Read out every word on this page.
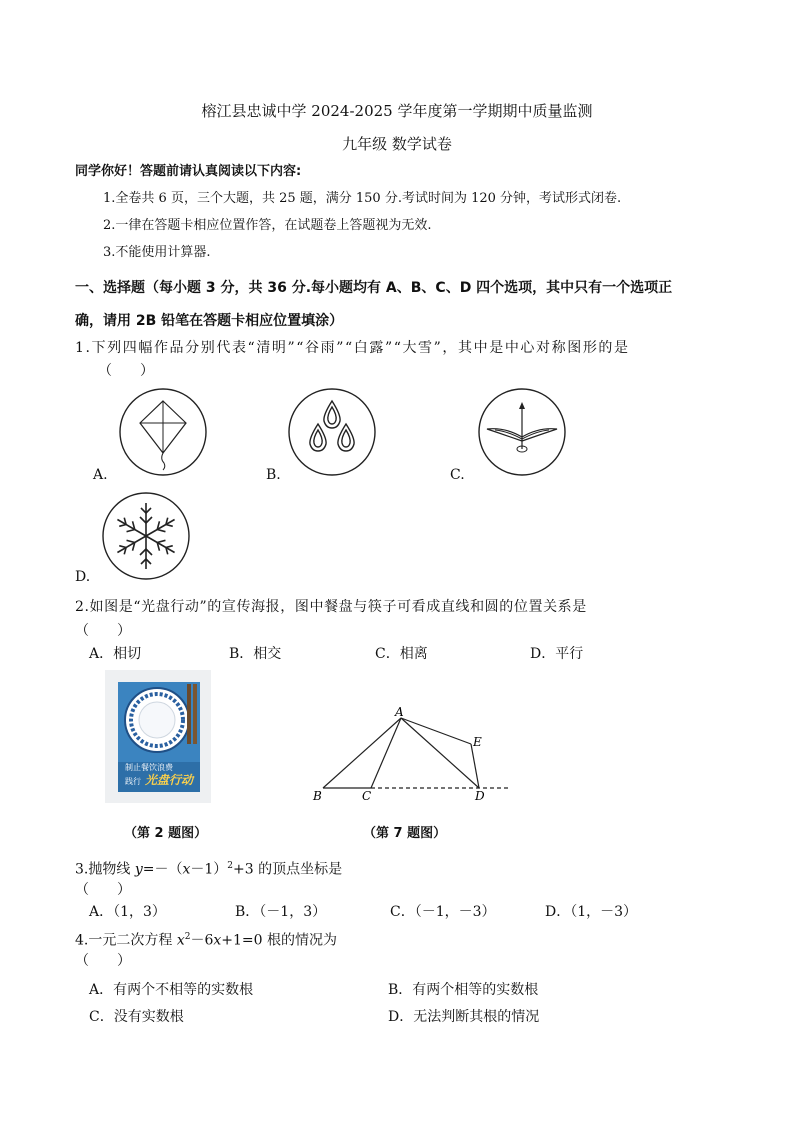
榕江县忠诚中学 2024-2025 学年度第一学期期中质量监测
九年级 数学试卷
同学你好！答题前请认真阅读以下内容:
1.全卷共 6 页，三个大题，共 25 题，满分 150 分.考试时间为 120 分钟，考试形式闭卷.
2.一律在答题卡相应位置作答，在试题卷上答题视为无效.
3.不能使用计算器.
一、选择题（每小题 3 分，共 36 分.每小题均有 A、B、C、D 四个选项，其中只有一个选项正
确，请用 2B 铅笔在答题卡相应位置填涂）
1.下列四幅作品分别代表“清明”“谷雨”“白露”“大雪”，其中是中心对称图形的是
（　　）
A.	B.	C.
D.
2.如图是“光盘行动”的宣传海报，图中餐盘与筷子可看成直线和圆的位置关系是
（　　）
A．相切	B．相交	C．相离	D．平行
制止餐饮浪费
践行 光盘行动
（第 2 题图）
A
E
B	C	D
（第 7 题图）
3.抛物线 $y=-(x-1)^2+3$ 的顶点坐标是
（　　）
A．（1，3）	B．（－1，3）	C．（－1，－3）	D．（1，－3）
4.一元二次方程 $x^2-6x+1=0$ 根的情况为
（　　）
A．有两个不相等的实数根	B．有两个相等的实数根
C．没有实数根	D．无法判断其根的情况
